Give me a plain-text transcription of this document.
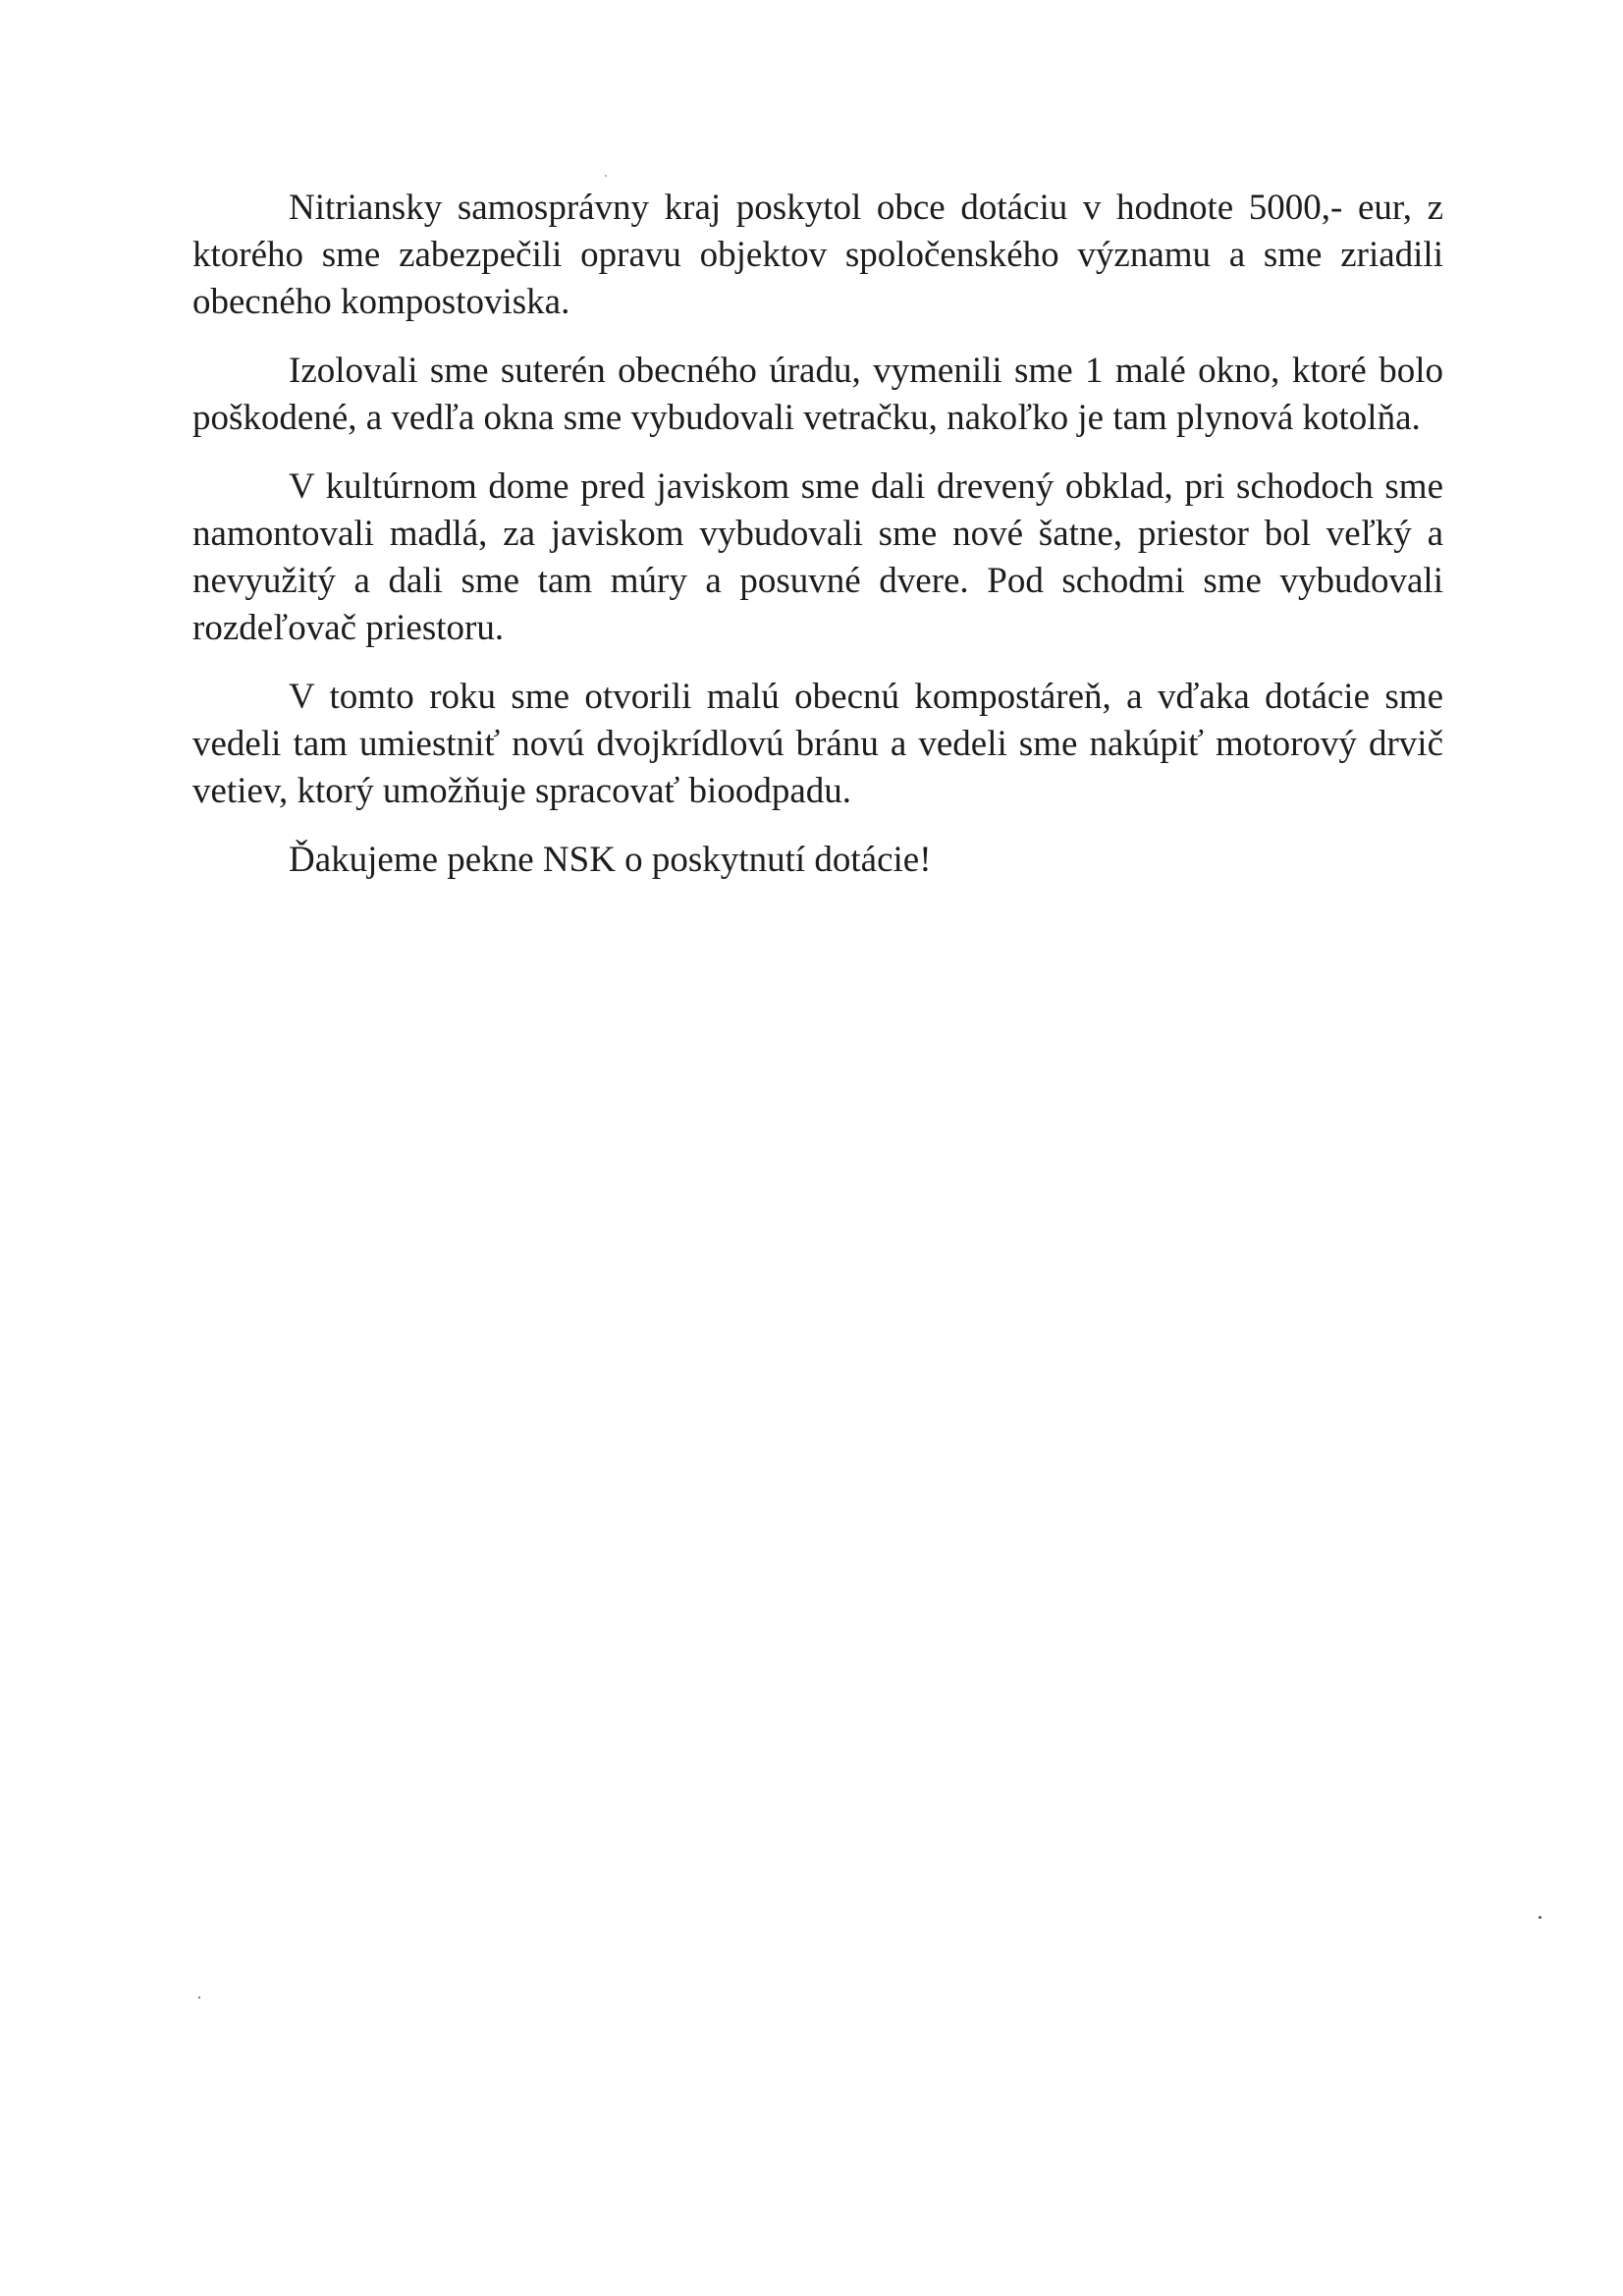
Nitriansky samosprávny kraj poskytol obce dotáciu v hodnote 5000,- eur, z ktorého sme zabezpečili opravu objektov spoločenského významu a sme zriadili obecného kompostoviska.

Izolovali sme suterén obecného úradu, vymenili sme 1 malé okno, ktoré bolo poškodené, a vedľa okna sme vybudovali vetračku, nakoľko je tam plynová kotolňa.

V kultúrnom dome pred javiskom sme dali drevený obklad, pri schodoch sme namontovali madlá, za javiskom vybudovali sme nové šatne, priestor bol veľký a nevyužitý a dali sme tam múry a posuvné dvere. Pod schodmi sme vybudovali rozdeľovač priestoru.

V tomto roku sme otvorili malú obecnú kompostáreň, a vďaka dotácie sme vedeli tam umiestniť novú dvojkrídlovú bránu a vedeli sme nakúpiť motorový drvič vetiev, ktorý umožňuje spracovať bioodpadu.

Ďakujeme pekne NSK o poskytnutí dotácie!
